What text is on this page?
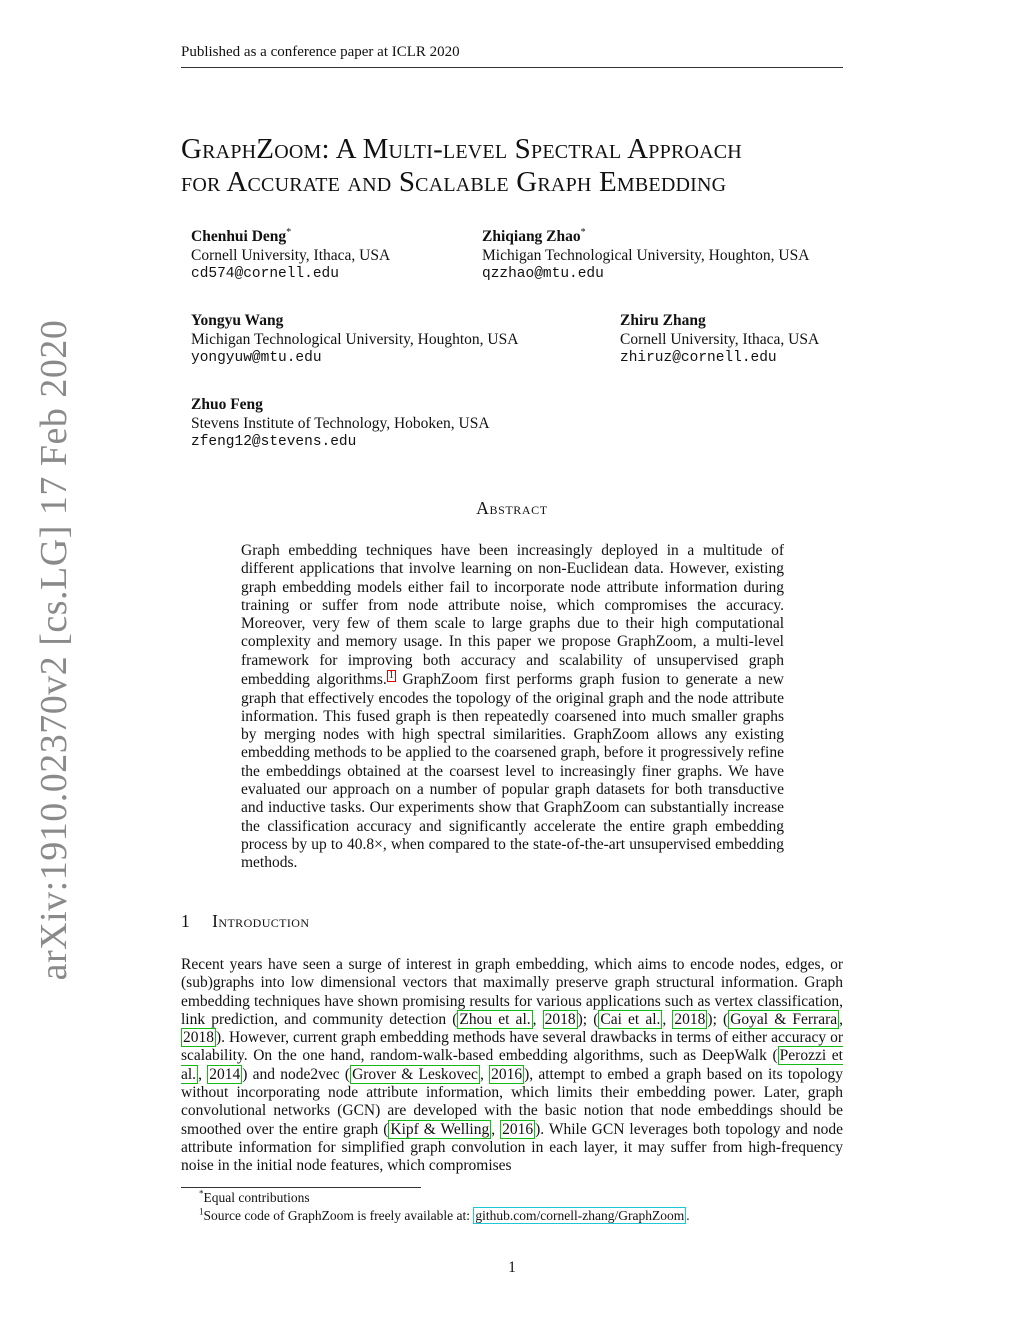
Published as a conference paper at ICLR 2020
arXiv:1910.02370v2 [cs.LG] 17 Feb 2020
GraphZoom: A Multi-level Spectral Approach
for Accurate and Scalable Graph Embedding
Chenhui Deng*
Cornell University, Ithaca, USA
cd574@cornell.edu
Zhiqiang Zhao*
Michigan Technological University, Houghton, USA
qzzhao@mtu.edu
Yongyu Wang
Michigan Technological University, Houghton, USA
yongyuw@mtu.edu
Zhiru Zhang
Cornell University, Ithaca, USA
zhiruz@cornell.edu
Zhuo Feng
Stevens Institute of Technology, Hoboken, USA
zfeng12@stevens.edu
Abstract
Graph embedding techniques have been increasingly deployed in a multitude of different applications that involve learning on non-Euclidean data. However, existing graph embedding models either fail to incorporate node attribute information during training or suffer from node attribute noise, which compromises the accuracy. Moreover, very few of them scale to large graphs due to their high computational complexity and memory usage. In this paper we propose GraphZoom, a multi-level framework for improving both accuracy and scalability of unsupervised graph embedding algorithms. 1 GraphZoom first performs graph fusion to generate a new graph that effectively encodes the topology of the original graph and the node attribute information. This fused graph is then repeatedly coarsened into much smaller graphs by merging nodes with high spectral similarities. GraphZoom allows any existing embedding methods to be applied to the coarsened graph, before it progressively refine the embeddings obtained at the coarsest level to increasingly finer graphs. We have evaluated our approach on a number of popular graph datasets for both transductive and inductive tasks. Our experiments show that GraphZoom can substantially increase the classification accuracy and significantly accelerate the entire graph embedding process by up to 40.8×, when compared to the state-of-the-art unsupervised embedding methods.
1 Introduction
Recent years have seen a surge of interest in graph embedding, which aims to encode nodes, edges, or (sub)graphs into low dimensional vectors that maximally preserve graph structural information. Graph embedding techniques have shown promising results for various applications such as vertex classification, link prediction, and community detection ( Zhou et al. , 2018 ); ( Cai et al. , 2018 ); ( Goyal & Ferrara , 2018 ). However, current graph embedding methods have several drawbacks in terms of either accuracy or scalability. On the one hand, random-walk-based embedding algorithms, such as DeepWalk ( Perozzi et al. , 2014 ) and node2vec ( Grover & Leskovec , 2016 ), attempt to embed a graph based on its topology without incorporating node attribute information, which limits their embedding power. Later, graph convolutional networks (GCN) are developed with the basic notion that node embeddings should be smoothed over the entire graph ( Kipf & Welling , 2016 ). While GCN leverages both topology and node attribute information for simplified graph convolution in each layer, it may suffer from high-frequency noise in the initial node features, which compromises
*Equal contributions
$^1$Source code of GraphZoom is freely available at: github.com/cornell-zhang/GraphZoom .
1
